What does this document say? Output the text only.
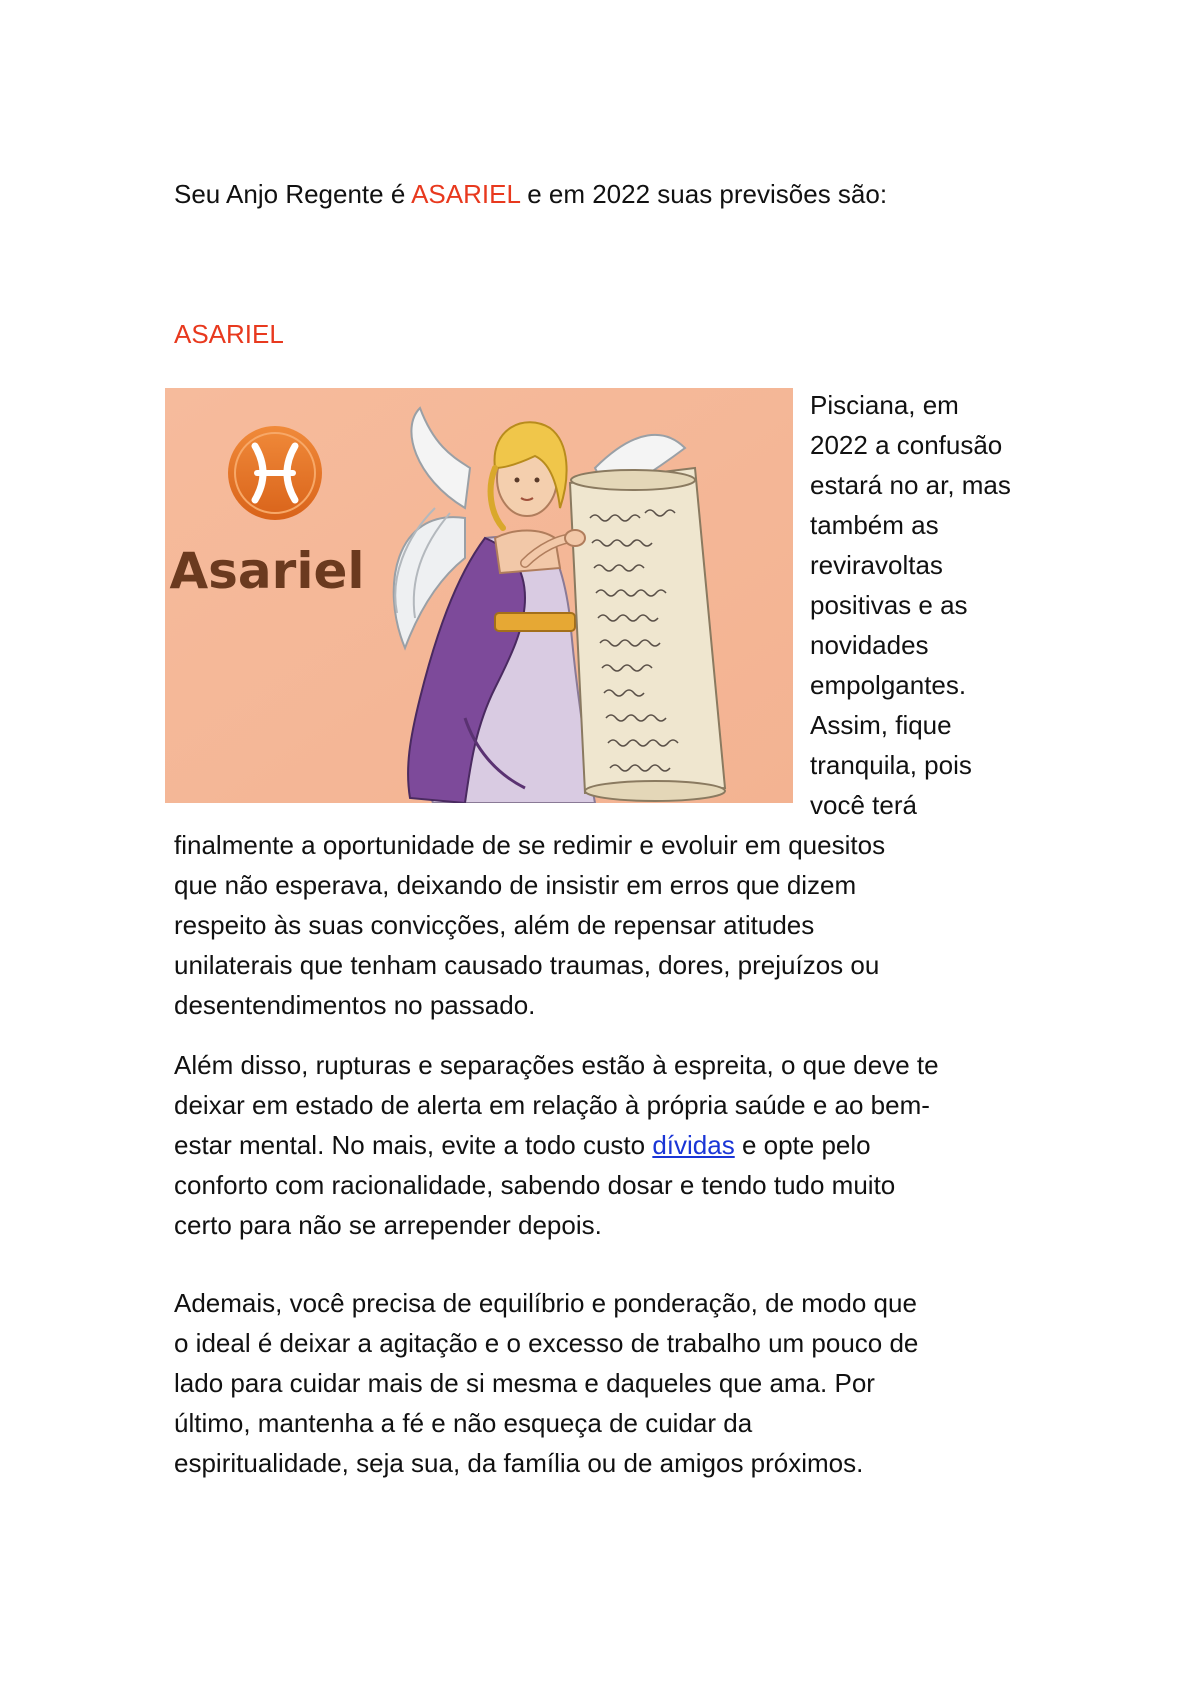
Seu Anjo Regente é ASARIEL e em 2022 suas previsões são:
ASARIEL
Asariel
Pisciana, em
2022 a confusão
estará no ar, mas
também as
reviravoltas
positivas e as
novidades
empolgantes.
Assim, fique
tranquila, pois
você terá
finalmente a oportunidade de se redimir e evoluir em quesitos
que não esperava, deixando de insistir em erros que dizem
respeito às suas convicções, além de repensar atitudes
unilaterais que tenham causado traumas, dores, prejuízos ou
desentendimentos no passado.
Além disso, rupturas e separações estão à espreita, o que deve te
deixar em estado de alerta em relação à própria saúde e ao bem-
estar mental. No mais, evite a todo custo dívidas e opte pelo
conforto com racionalidade, sabendo dosar e tendo tudo muito
certo para não se arrepender depois.
Ademais, você precisa de equilíbrio e ponderação, de modo que
o ideal é deixar a agitação e o excesso de trabalho um pouco de
lado para cuidar mais de si mesma e daqueles que ama. Por
último, mantenha a fé e não esqueça de cuidar da
espiritualidade, seja sua, da família ou de amigos próximos.
